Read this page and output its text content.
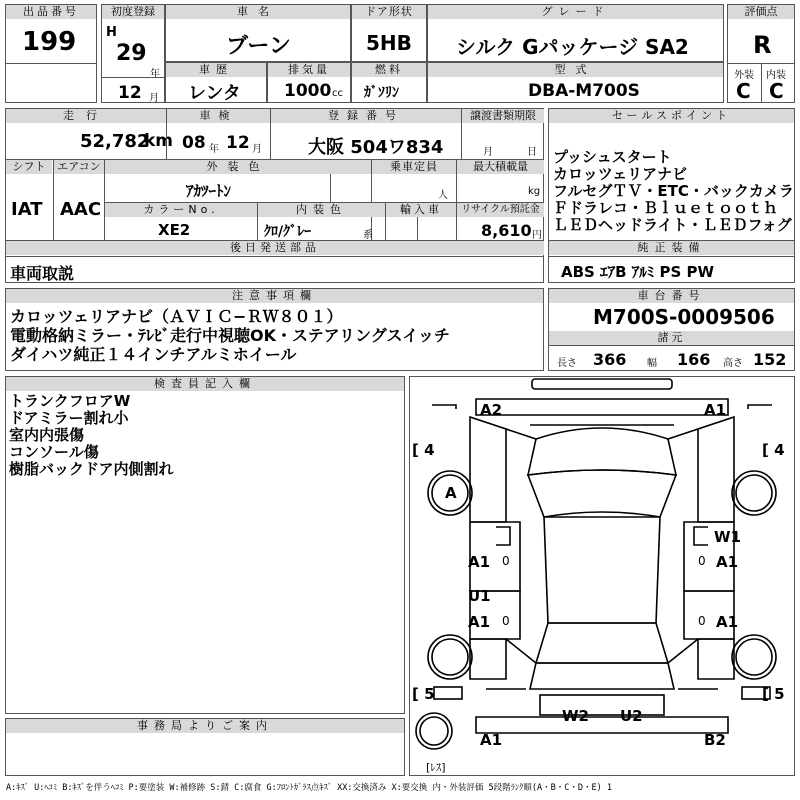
出品番号
199
初度登録
H
29
年
12 月
車名
ブーン
ドア形状
5HB
グレード
シルク Gパッケージ SA2
評価点
R
外装 内装
C C
車歴
レンタ
排気量
1000 cc
燃料
ｶﾞｿﾘﾝ
型式
DBA-M700S
走行
52,782
km
車検
08 年 12 月
登録番号
大阪 504ワ834
譲渡書類期限
月	日
シフト	エアコン
IAT AAC
外装色
ｱｶﾂｰﾄﾝ
乗車定員
人
最大積載量
kg
カラーNo.
XE2
内装色
ｸﾛ/ｸﾞﾚｰ	系
輸入車	リサイクル預託金
8,610 円
後日発送部品
車両取説
セールスポイント
プッシュスタート
カロッツェリアナビ
フルセグＴＶ・ETC・バックカメラ
Ｆドラレコ・Ｂｌｕｅｔｏｏｔｈ
ＬＥＤヘッドライト・ＬＥＤフォグ
純正装備
ABS ｴｱB ｱﾙﾐ PS PW
注意事項欄
カロッツェリアナビ（ＡＶＩＣ−ＲＷ８０１）
電動格納ミラー・ﾃﾚﾋﾞ走行中視聴OK・ステアリングスイッチ
ダイハツ純正１４インチアルミホイール
車台番号
M700S-0009506
諸元
長さ 366 幅 166 高さ 152
検査員記入欄
トランクフロアW
ドアミラー割れ小
室内内張傷
コンソール傷
樹脂バックドア内側割れ
事務局よりご案内
A2	A1
[ 4	[ 4
A
W1
A1 0	0 A1
U1
A1 0	0 A1
[ 5	[ 5
W2 U2
A1	B2
[ﾚｽ]
A:ｷｽﾞ U:ﾍｺﾐ B:ｷｽﾞを伴うﾍｺﾐ P:要塗装 W:補修跡 S:錆 C:腐食 G:ﾌﾛﾝﾄｶﾞﾗｽ点ｷｽﾞ XX:交換済み X:要交換 内・外装評価 5段階ﾗﾝｸ順(A・B・C・D・E) 1
